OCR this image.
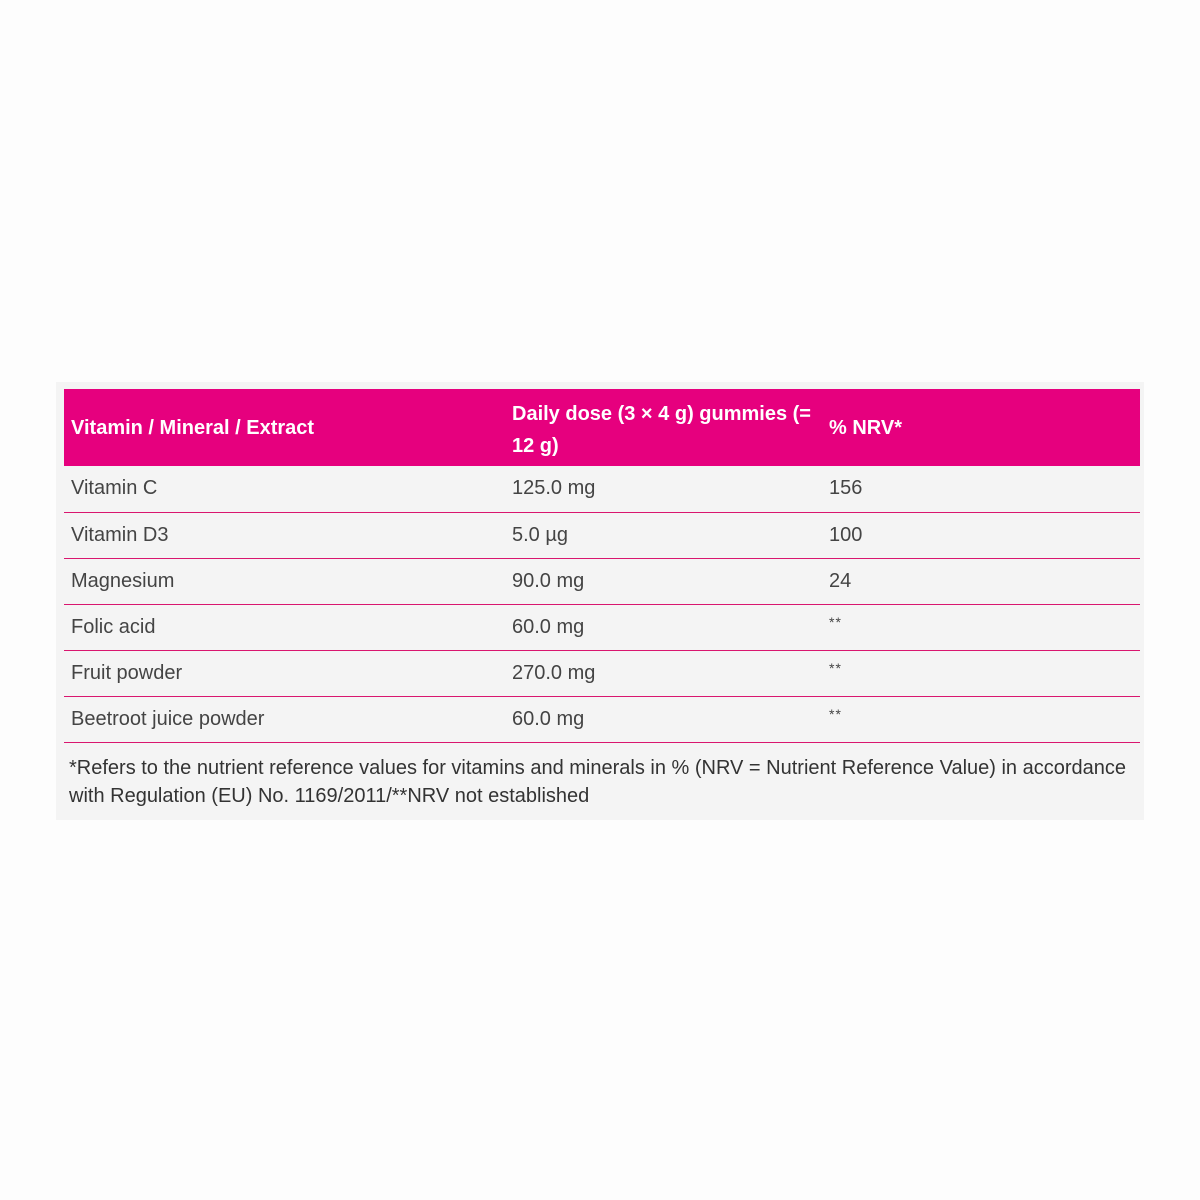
Vitamin / Mineral / Extract	Daily dose (3 × 4 g) gummies (= 12 g)	% NRV*
Vitamin C	125.0 mg	156
Vitamin D3	5.0 µg	100
Magnesium	90.0 mg	24
Folic acid	60.0 mg	**
Fruit powder	270.0 mg	**
Beetroot juice powder	60.0 mg	**
*Refers to the nutrient reference values for vitamins and minerals in % (NRV = Nutrient Reference Value) in accordance with Regulation (EU) No. 1169/2011/**NRV not established
